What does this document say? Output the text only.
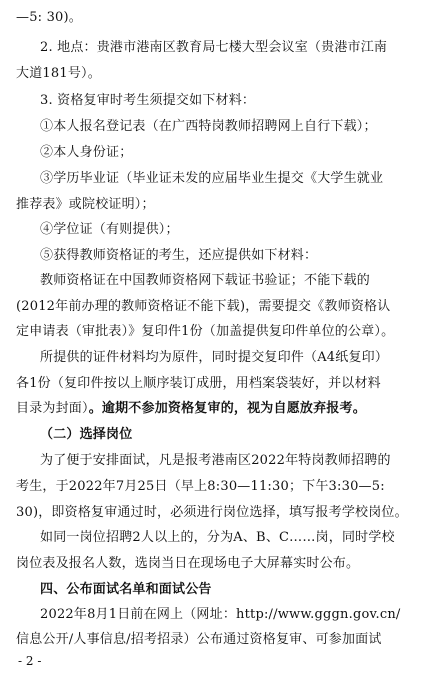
—5: 30)。
2. 地点：贵港市港南区教育局七楼大型会议室（贵港市江南
大道181号）。
3. 资格复审时考生须提交如下材料：
①本人报名登记表（在广西特岗教师招聘网上自行下载）；
②本人身份证；
③学历毕业证（毕业证未发的应届毕业生提交《大学生就业
推荐表》或院校证明）；
④学位证（有则提供）；
⑤获得教师资格证的考生，还应提供如下材料：
教师资格证在中国教师资格网下载证书验证；不能下载的
(2012年前办理的教师资格证不能下载)，需要提交《教师资格认
定申请表（审批表）》复印件1份（加盖提供复印件单位的公章）。
所提供的证件材料均为原件，同时提交复印件（A4纸复印）
各1份（复印件按以上顺序装订成册，用档案袋装好，并以材料
目录为封面）。逾期不参加资格复审的，视为自愿放弃报考。
（二）选择岗位
为了便于安排面试，凡是报考港南区2022年特岗教师招聘的
考生，于2022年7月25日（早上8:30—11:30；下午3:30—5:
30)，即资格复审通过时，必须进行岗位选择，填写报考学校岗位。
如同一岗位招聘2人以上的，分为A、B、C……岗，同时学校
岗位表及报名人数，选岗当日在现场电子大屏幕实时公布。
四、公布面试名单和面试公告
2022年8月1日前在网上（网址：http://www.gggn.gov.cn/
信息公开/人事信息/招考招录）公布通过资格复审、可参加面试
- 2 -
